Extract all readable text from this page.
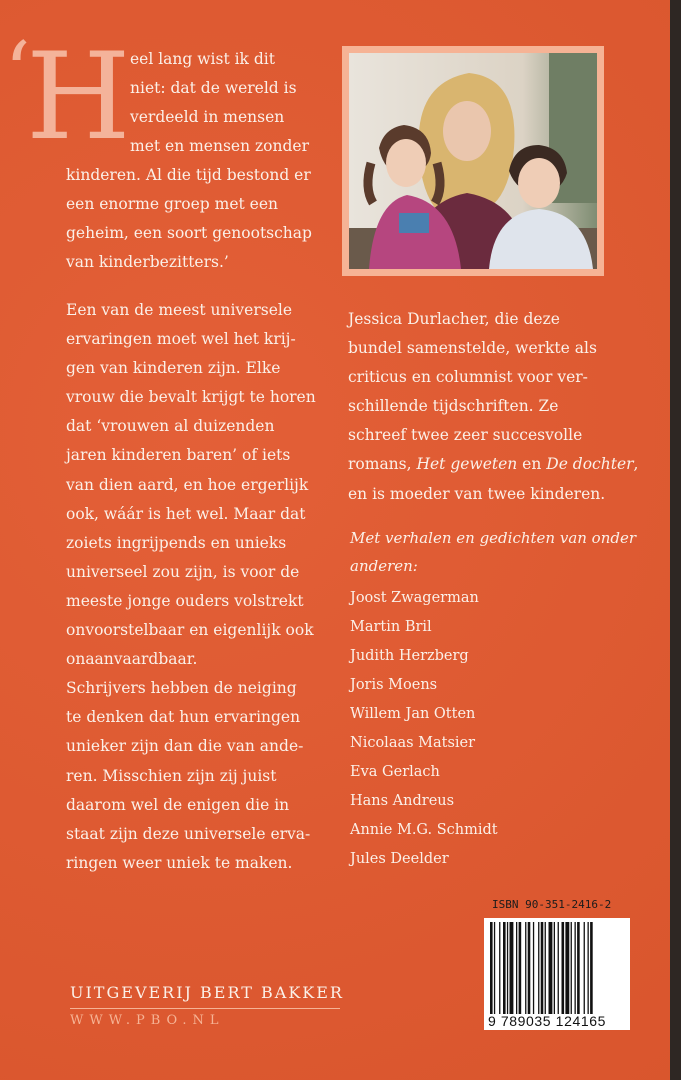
‘
H eel lang wist ik dit
niet: dat de wereld is
verdeeld in mensen
met en mensen zonder
kinderen. Al die tijd bestond er
een enorme groep met een
geheim, een soort genootschap
van kinderbezitters.’
Een van de meest universele
ervaringen moet wel het krij-
gen van kinderen zijn. Elke
vrouw die bevalt krijgt te horen
dat ‘vrouwen al duizenden
jaren kinderen baren’ of iets
van dien aard, en hoe ergerlijk
ook, wáár is het wel. Maar dat
zoiets ingrijpends en unieks
universeel zou zijn, is voor de
meeste jonge ouders volstrekt
onvoorstelbaar en eigenlijk ook
onaanvaardbaar.
Schrijvers hebben de neiging
te denken dat hun ervaringen
unieker zijn dan die van ande-
ren. Misschien zijn zij juist
daarom wel de enigen die in
staat zijn deze universele erva-
ringen weer uniek te maken.
Jessica Durlacher, die deze
bundel samenstelde, werkte als
criticus en columnist voor ver-
schillende tijdschriften. Ze
schreef twee zeer succesvolle
romans, Het geweten en De dochter,
en is moeder van twee kinderen.
Met verhalen en gedichten van onder
anderen:
Joost Zwagerman
Martin Bril
Judith Herzberg
Joris Moens
Willem Jan Otten
Nicolaas Matsier
Eva Gerlach
Hans Andreus
Annie M.G. Schmidt
Jules Deelder
UITGEVERIJ BERT BAKKER
WWW.PBO.NL
ISBN 90-351-2416-2
9 789035 124165
